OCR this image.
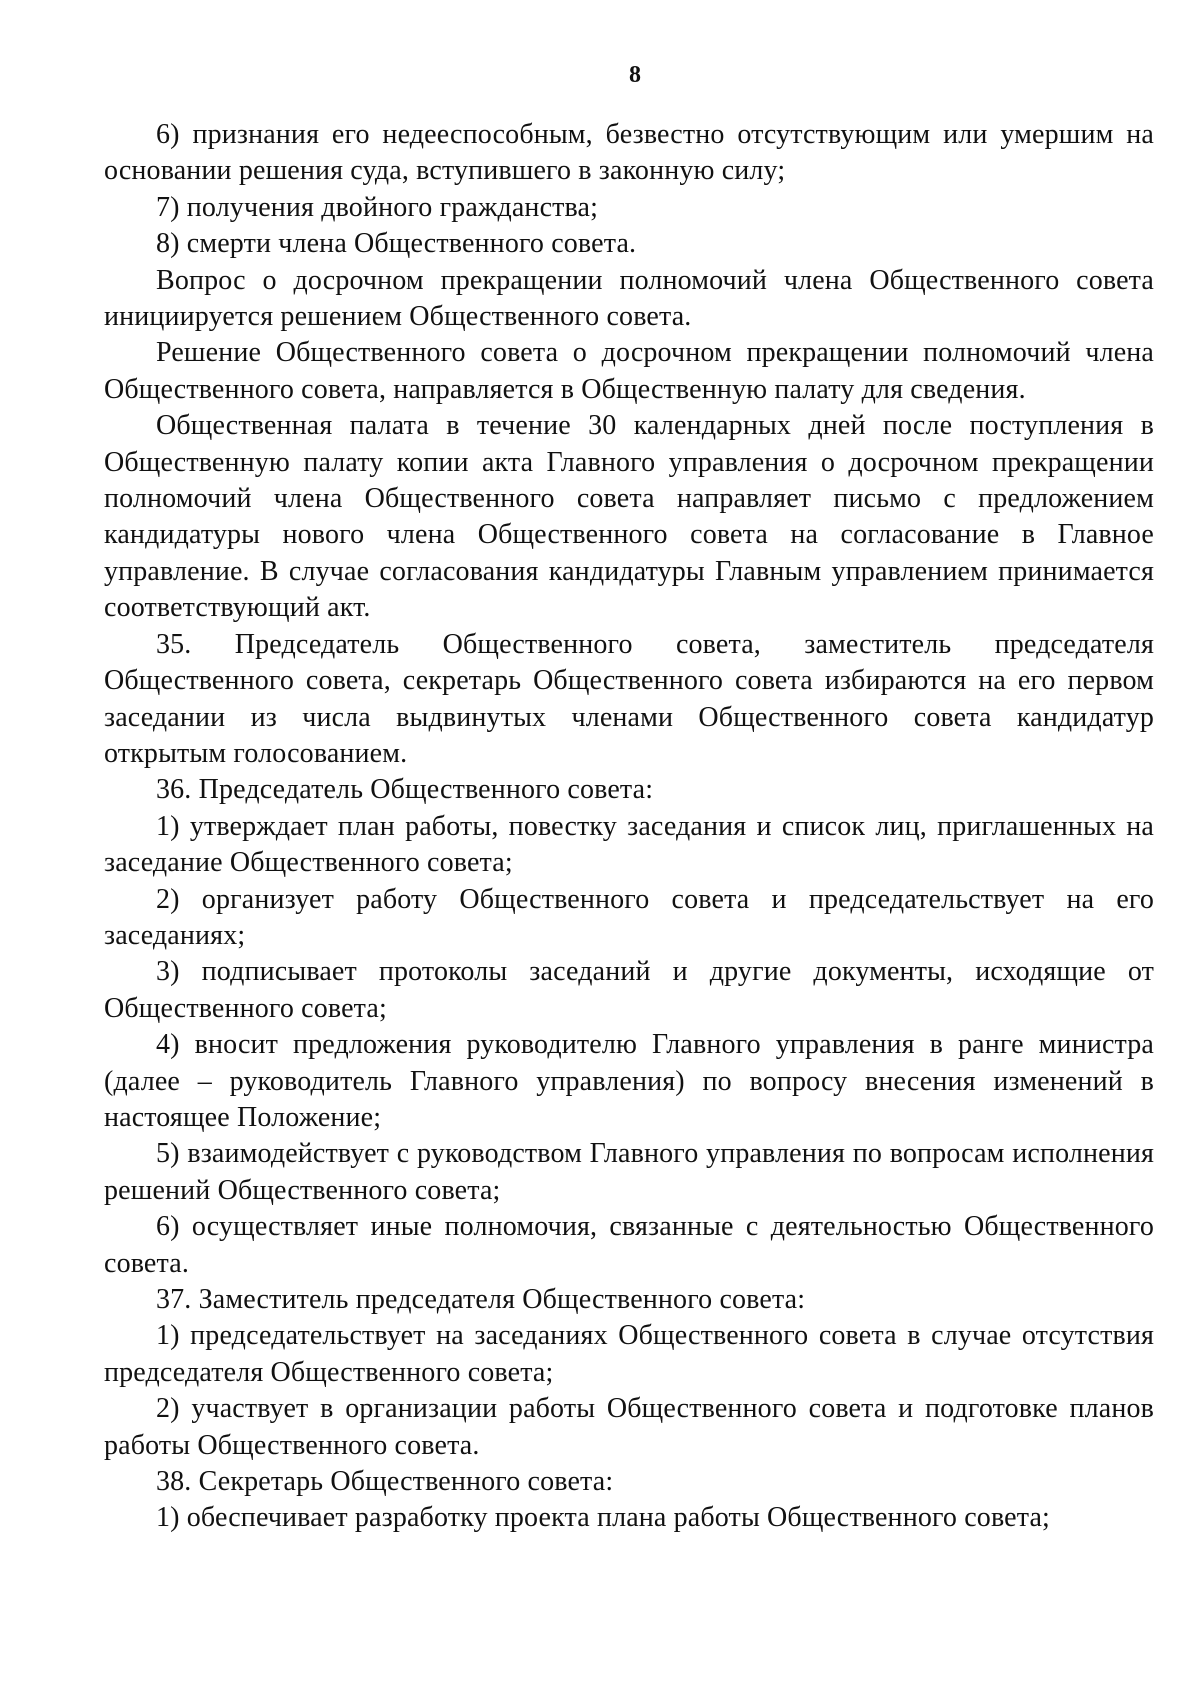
8

6) признания его недееспособным, безвестно отсутствующим или умершим на основании решения суда, вступившего в законную силу;

7) получения двойного гражданства;

8) смерти члена Общественного совета.

Вопрос о досрочном прекращении полномочий члена Общественного совета инициируется решением Общественного совета.

Решение Общественного совета о досрочном прекращении полномочий члена Общественного совета, направляется в Общественную палату для сведения.

Общественная палата в течение 30 календарных дней после поступления в Общественную палату копии акта Главного управления о досрочном прекращении полномочий члена Общественного совета направляет письмо с предложением кандидатуры нового члена Общественного совета на согласование в Главное управление. В случае согласования кандидатуры Главным управлением принимается соответствующий акт.

35. Председатель Общественного совета, заместитель председателя Общественного совета, секретарь Общественного совета избираются на его первом заседании из числа выдвинутых членами Общественного совета кандидатур открытым голосованием.

36. Председатель Общественного совета:

1) утверждает план работы, повестку заседания и список лиц, приглашенных на заседание Общественного совета;

2) организует работу Общественного совета и председательствует на его заседаниях;

3) подписывает протоколы заседаний и другие документы, исходящие от Общественного совета;

4) вносит предложения руководителю Главного управления в ранге министра (далее – руководитель Главного управления) по вопросу внесения изменений в настоящее Положение;

5) взаимодействует с руководством Главного управления по вопросам исполнения решений Общественного совета;

6) осуществляет иные полномочия, связанные с деятельностью Общественного совета.

37. Заместитель председателя Общественного совета:

1) председательствует на заседаниях Общественного совета в случае отсутствия председателя Общественного совета;

2) участвует в организации работы Общественного совета и подготовке планов работы Общественного совета.

38. Секретарь Общественного совета:

1) обеспечивает разработку проекта плана работы Общественного совета;
